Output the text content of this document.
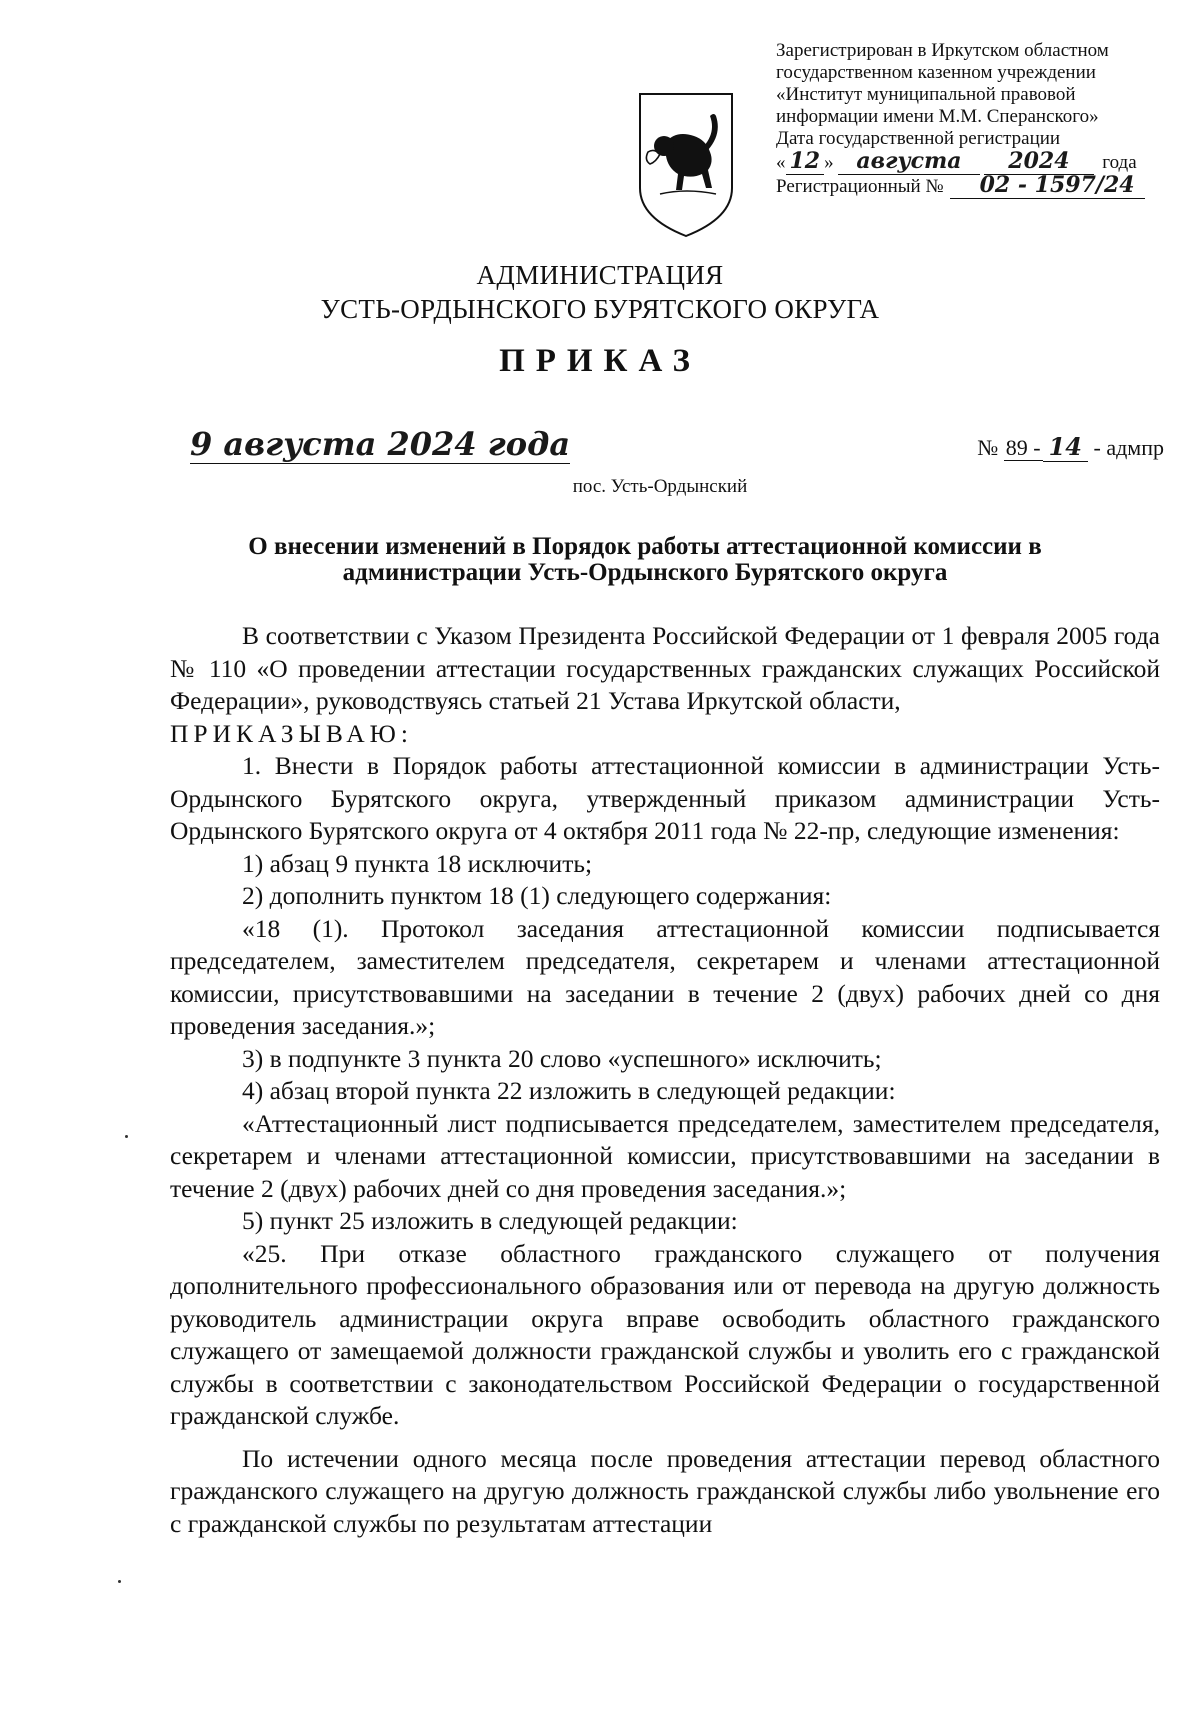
Зарегистрирован в Иркутском областном
государственном казенном учреждении
«Институт муниципальной правовой
информации имени М.М. Сперанского»
Дата государственной регистрации
« 12 » августа 2024 года
Регистрационный № 02 - 1597/24
АДМИНИСТРАЦИЯ
УСТЬ-ОРДЫНСКОГО БУРЯТСКОГО ОКРУГА
ПРИКАЗ
9 августа 2024 года	№ 89 - 14 - адмпр
пос. Усть-Ордынский
О внесении изменений в Порядок работы аттестационной комиссии в
администрации Усть-Ордынского Бурятского округа

В соответствии с Указом Президента Российской Федерации от 1 февраля 2005 года № 110 «О проведении аттестации государственных гражданских служащих Российской Федерации», руководствуясь статьей 21 Устава Иркутской области,

ПРИКАЗЫВАЮ:

1. Внести в Порядок работы аттестационной комиссии в администрации Усть-Ордынского Бурятского округа, утвержденный приказом администрации Усть-Ордынского Бурятского округа от 4 октября 2011 года № 22-пр, следующие изменения:

1) абзац 9 пункта 18 исключить;

2) дополнить пунктом 18 (1) следующего содержания:

«18 (1). Протокол заседания аттестационной комиссии подписывается председателем, заместителем председателя, секретарем и членами аттестационной комиссии, присутствовавшими на заседании в течение 2 (двух) рабочих дней со дня проведения заседания.»;

3) в подпункте 3 пункта 20 слово «успешного» исключить;

4) абзац второй пункта 22 изложить в следующей редакции:

«Аттестационный лист подписывается председателем, заместителем председателя, секретарем и членами аттестационной комиссии, присутствовавшими на заседании в течение 2 (двух) рабочих дней со дня проведения заседания.»;

5) пункт 25 изложить в следующей редакции:

«25. При отказе областного гражданского служащего от получения дополнительного профессионального образования или от перевода на другую должность руководитель администрации округа вправе освободить областного гражданского служащего от замещаемой должности гражданской службы и уволить его с гражданской службы в соответствии с законодательством Российской Федерации о государственной гражданской службе.

По истечении одного месяца после проведения аттестации перевод областного гражданского служащего на другую должность гражданской службы либо увольнение его с гражданской службы по результатам аттестации
